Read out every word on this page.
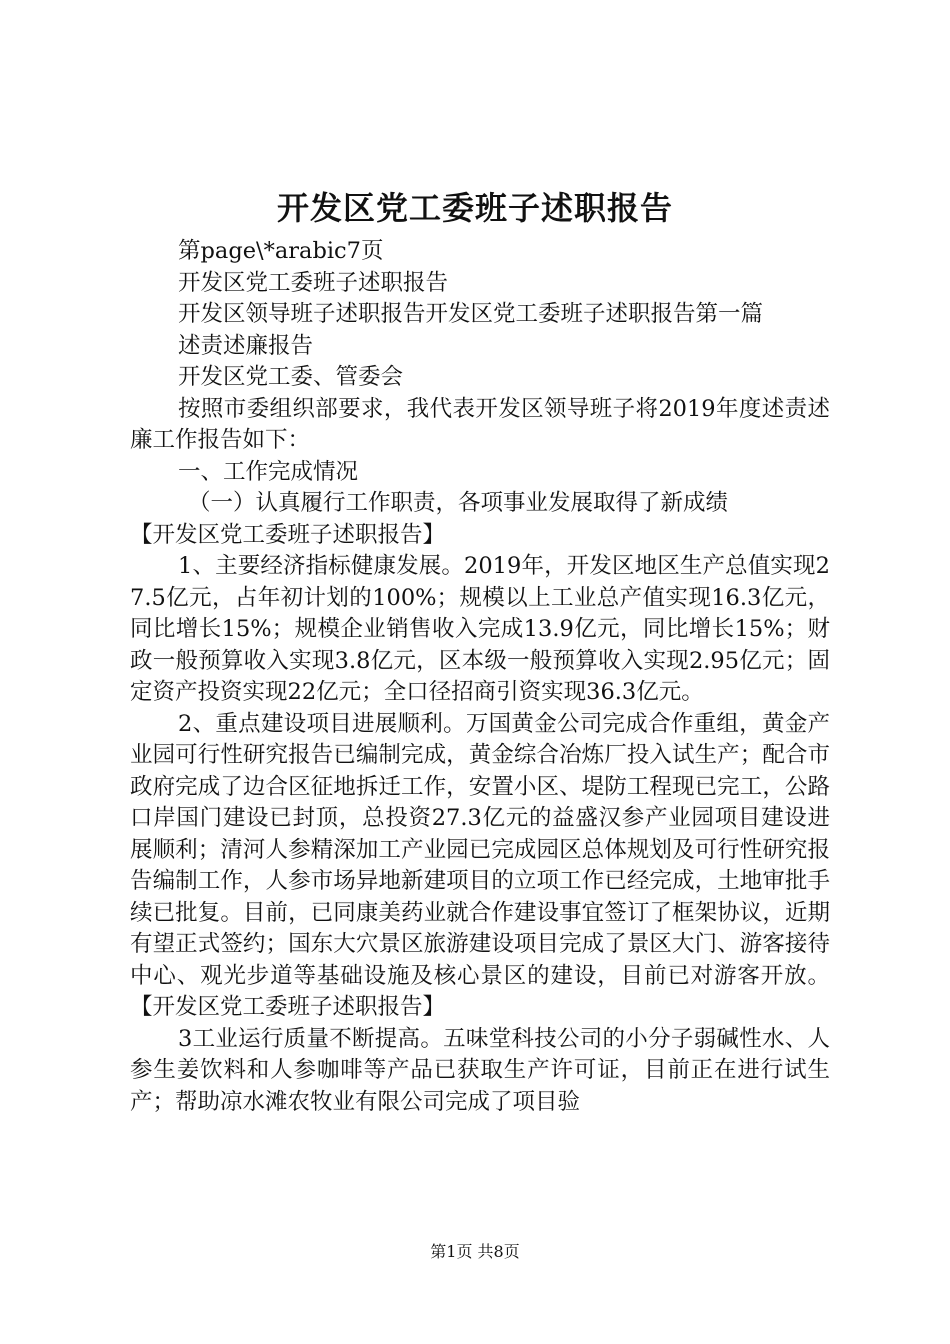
开发区党工委班子述职报告

第page\*arabic7页

开发区党工委班子述职报告

开发区领导班子述职报告开发区党工委班子述职报告第一篇

述责述廉报告

开发区党工委、管委会

按照市委组织部要求，我代表开发区领导班子将2019年度述责述廉工作报告如下：

一、工作完成情况

（一）认真履行工作职责，各项事业发展取得了新成绩

【开发区党工委班子述职报告】

1、主要经济指标健康发展。2019年，开发区地区生产总值实现27.5亿元，占年初计划的100%；规模以上工业总产值实现16.3亿元，同比增长15%；规模企业销售收入完成13.9亿元，同比增长15%；财政一般预算收入实现3.8亿元，区本级一般预算收入实现2.95亿元；固定资产投资实现22亿元；全口径招商引资实现36.3亿元。

2、重点建设项目进展顺利。万国黄金公司完成合作重组，黄金产业园可行性研究报告已编制完成，黄金综合冶炼厂投入试生产；配合市政府完成了边合区征地拆迁工作，安置小区、堤防工程现已完工，公路口岸国门建设已封顶，总投资27.3亿元的益盛汉参产业园项目建设进展顺利；清河人参精深加工产业园已完成园区总体规划及可行性研究报告编制工作，人参市场异地新建项目的立项工作已经完成，土地审批手续已批复。目前，已同康美药业就合作建设事宜签订了框架协议，近期有望正式签约；国东大穴景区旅游建设项目完成了景区大门、游客接待中心、观光步道等基础设施及核心景区的建设，目前已对游客开放。【开发区党工委班子述职报告】

3工业运行质量不断提高。五味堂科技公司的小分子弱碱性水、人参生姜饮料和人参咖啡等产品已获取生产许可证，目前正在进行试生产；帮助凉水滩农牧业有限公司完成了项目验

第1页 共8页
